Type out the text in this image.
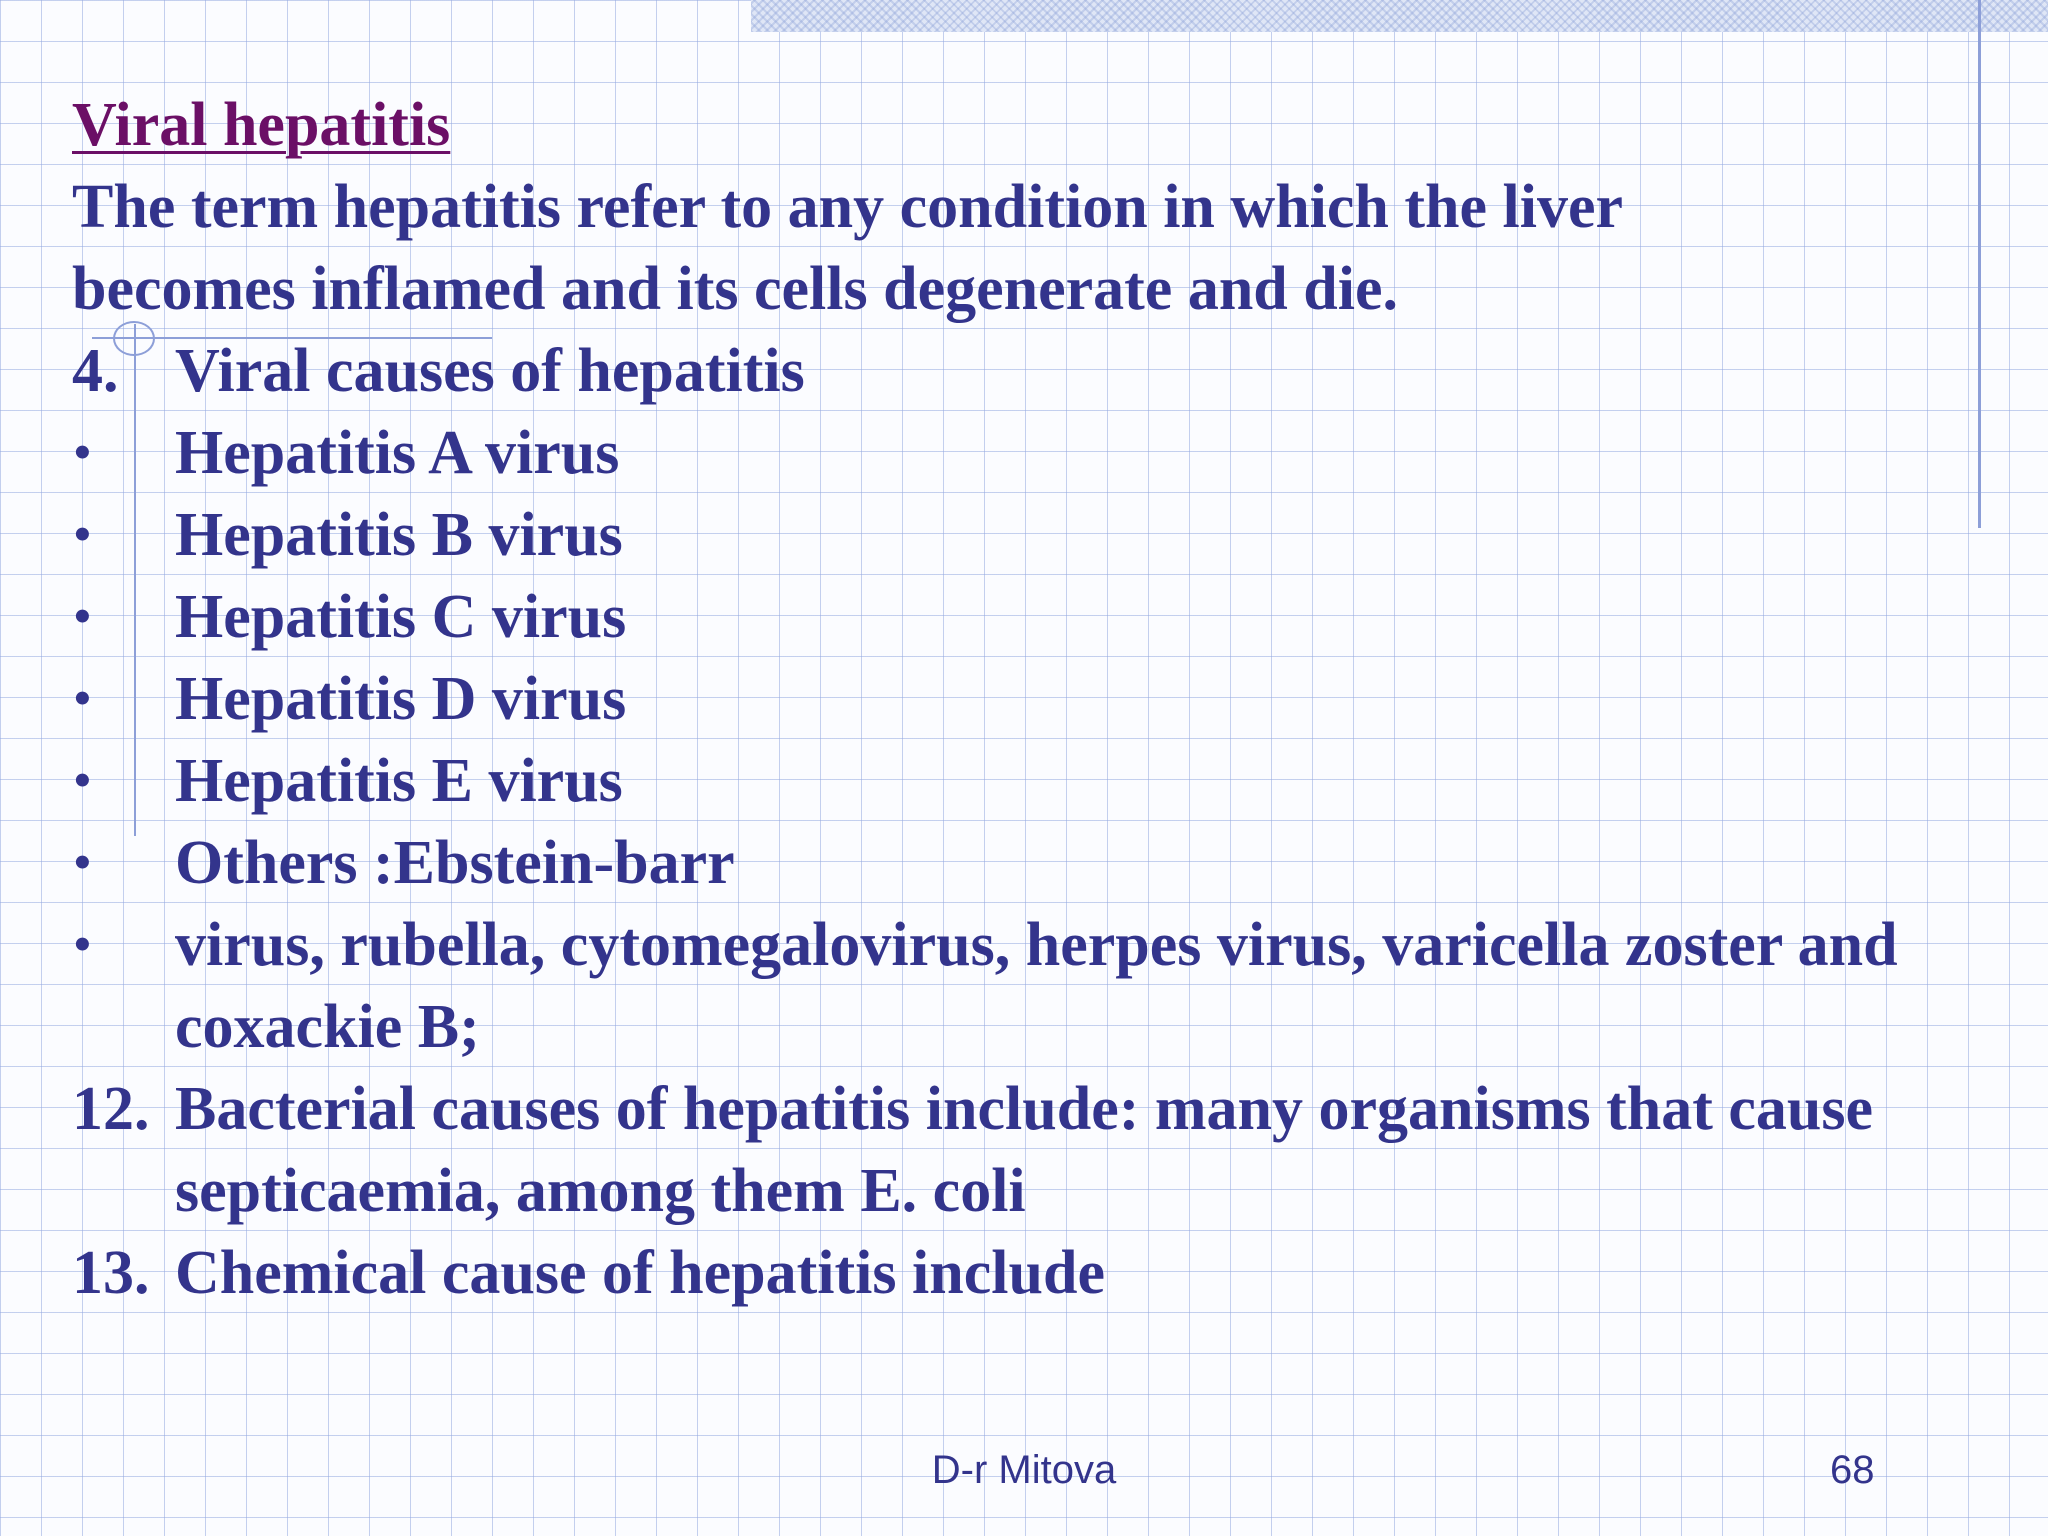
Viral hepatitis
The term hepatitis refer to any condition in which the liver
becomes inflamed and its cells degenerate and die.
4. Viral causes of hepatitis
•	Hepatitis A virus
•	Hepatitis B virus
•	Hepatitis C virus
•	Hepatitis D virus
•	Hepatitis E virus
•	Others :Ebstein-barr
•	virus, rubella, cytomegalovirus, herpes virus, varicella zoster and coxackie B;
12. Bacterial causes of hepatitis include: many organisms that cause septicaemia, among them E. coli
13. Chemical cause of hepatitis include
D-r Mitova	68
